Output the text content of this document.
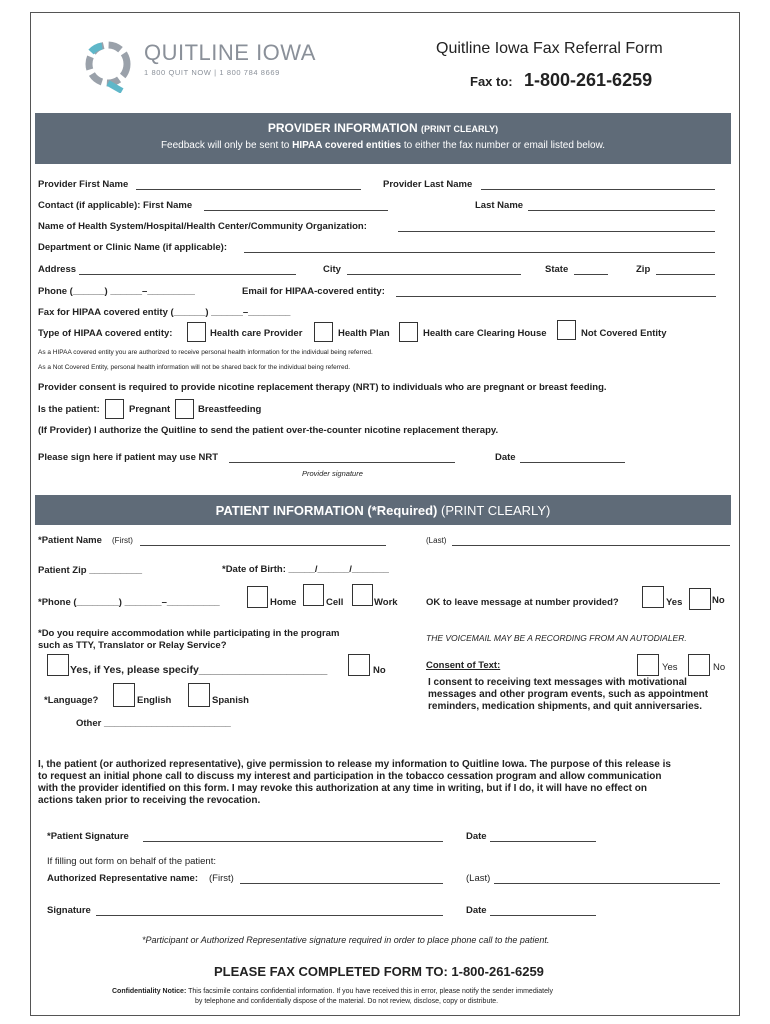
QUITLINE IOWA
1 800 QUIT NOW | 1 800 784 8669
Quitline Iowa Fax Referral Form
Fax to: 1-800-261-6259
PROVIDER INFORMATION (PRINT CLEARLY)
Feedback will only be sent to HIPAA covered entities to either the fax number or email listed below.
Provider First Name	Provider Last Name
Contact (if applicable): First Name	Last Name
Name of Health System/Hospital/Health Center/Community Organization:
Department or Clinic Name (if applicable):
Address	City	State	Zip
Phone (______) ______–_________	Email for HIPAA-covered entity:
Fax for HIPAA covered entity (______) ______–________
Type of HIPAA covered entity:	Health care Provider	Health Plan	Health care Clearing House	Not Covered Entity
As a HIPAA covered entity you are authorized to receive personal health information for the individual being referred.
As a Not Covered Entity, personal health information will not be shared back for the individual being referred.
Provider consent is required to provide nicotine replacement therapy (NRT) to individuals who are pregnant or breast feeding.
Is the patient:	Pregnant	Breastfeeding
(If Provider) I authorize the Quitline to send the patient over-the-counter nicotine replacement therapy.
Please sign here if patient may use NRT	Date
Provider signature
PATIENT INFORMATION (*Required) (PRINT CLEARLY)
*Patient Name (First)	(Last)
Patient Zip __________	*Date of Birth: _____/______/_______
*Phone (________) _______–__________	Home	Cell	Work	OK to leave message at number provided?	Yes	No
*Do you require accommodation while participating in the program
such as TTY, Translator or Relay Service?
THE VOICEMAIL MAY BE A RECORDING FROM AN AUTODIALER.
Yes, if Yes, please specify______________________	No	Consent of Text:	Yes	No
I consent to receiving text messages with motivational
messages and other program events, such as appointment
reminders, medication shipments, and quit anniversaries.
*Language?	English	Spanish
Other ________________________
I, the patient (or authorized representative), give permission to release my information to Quitline Iowa. The purpose of this release is
to request an initial phone call to discuss my interest and participation in the tobacco cessation program and allow communication
with the provider identified on this form. I may revoke this authorization at any time in writing, but if I do, it will have no effect on
actions taken prior to receiving the revocation.
*Patient Signature	Date
If filling out form on behalf of the patient:
Authorized Representative name: (First)	(Last)
Signature	Date
*Participant or Authorized Representative signature required in order to place phone call to the patient.
PLEASE FAX COMPLETED FORM TO: 1-800-261-6259
Confidentiality Notice: This facsimile contains confidential information. If you have received this in error, please notify the sender immediately
by telephone and confidentially dispose of the material. Do not review, disclose, copy or distribute.
